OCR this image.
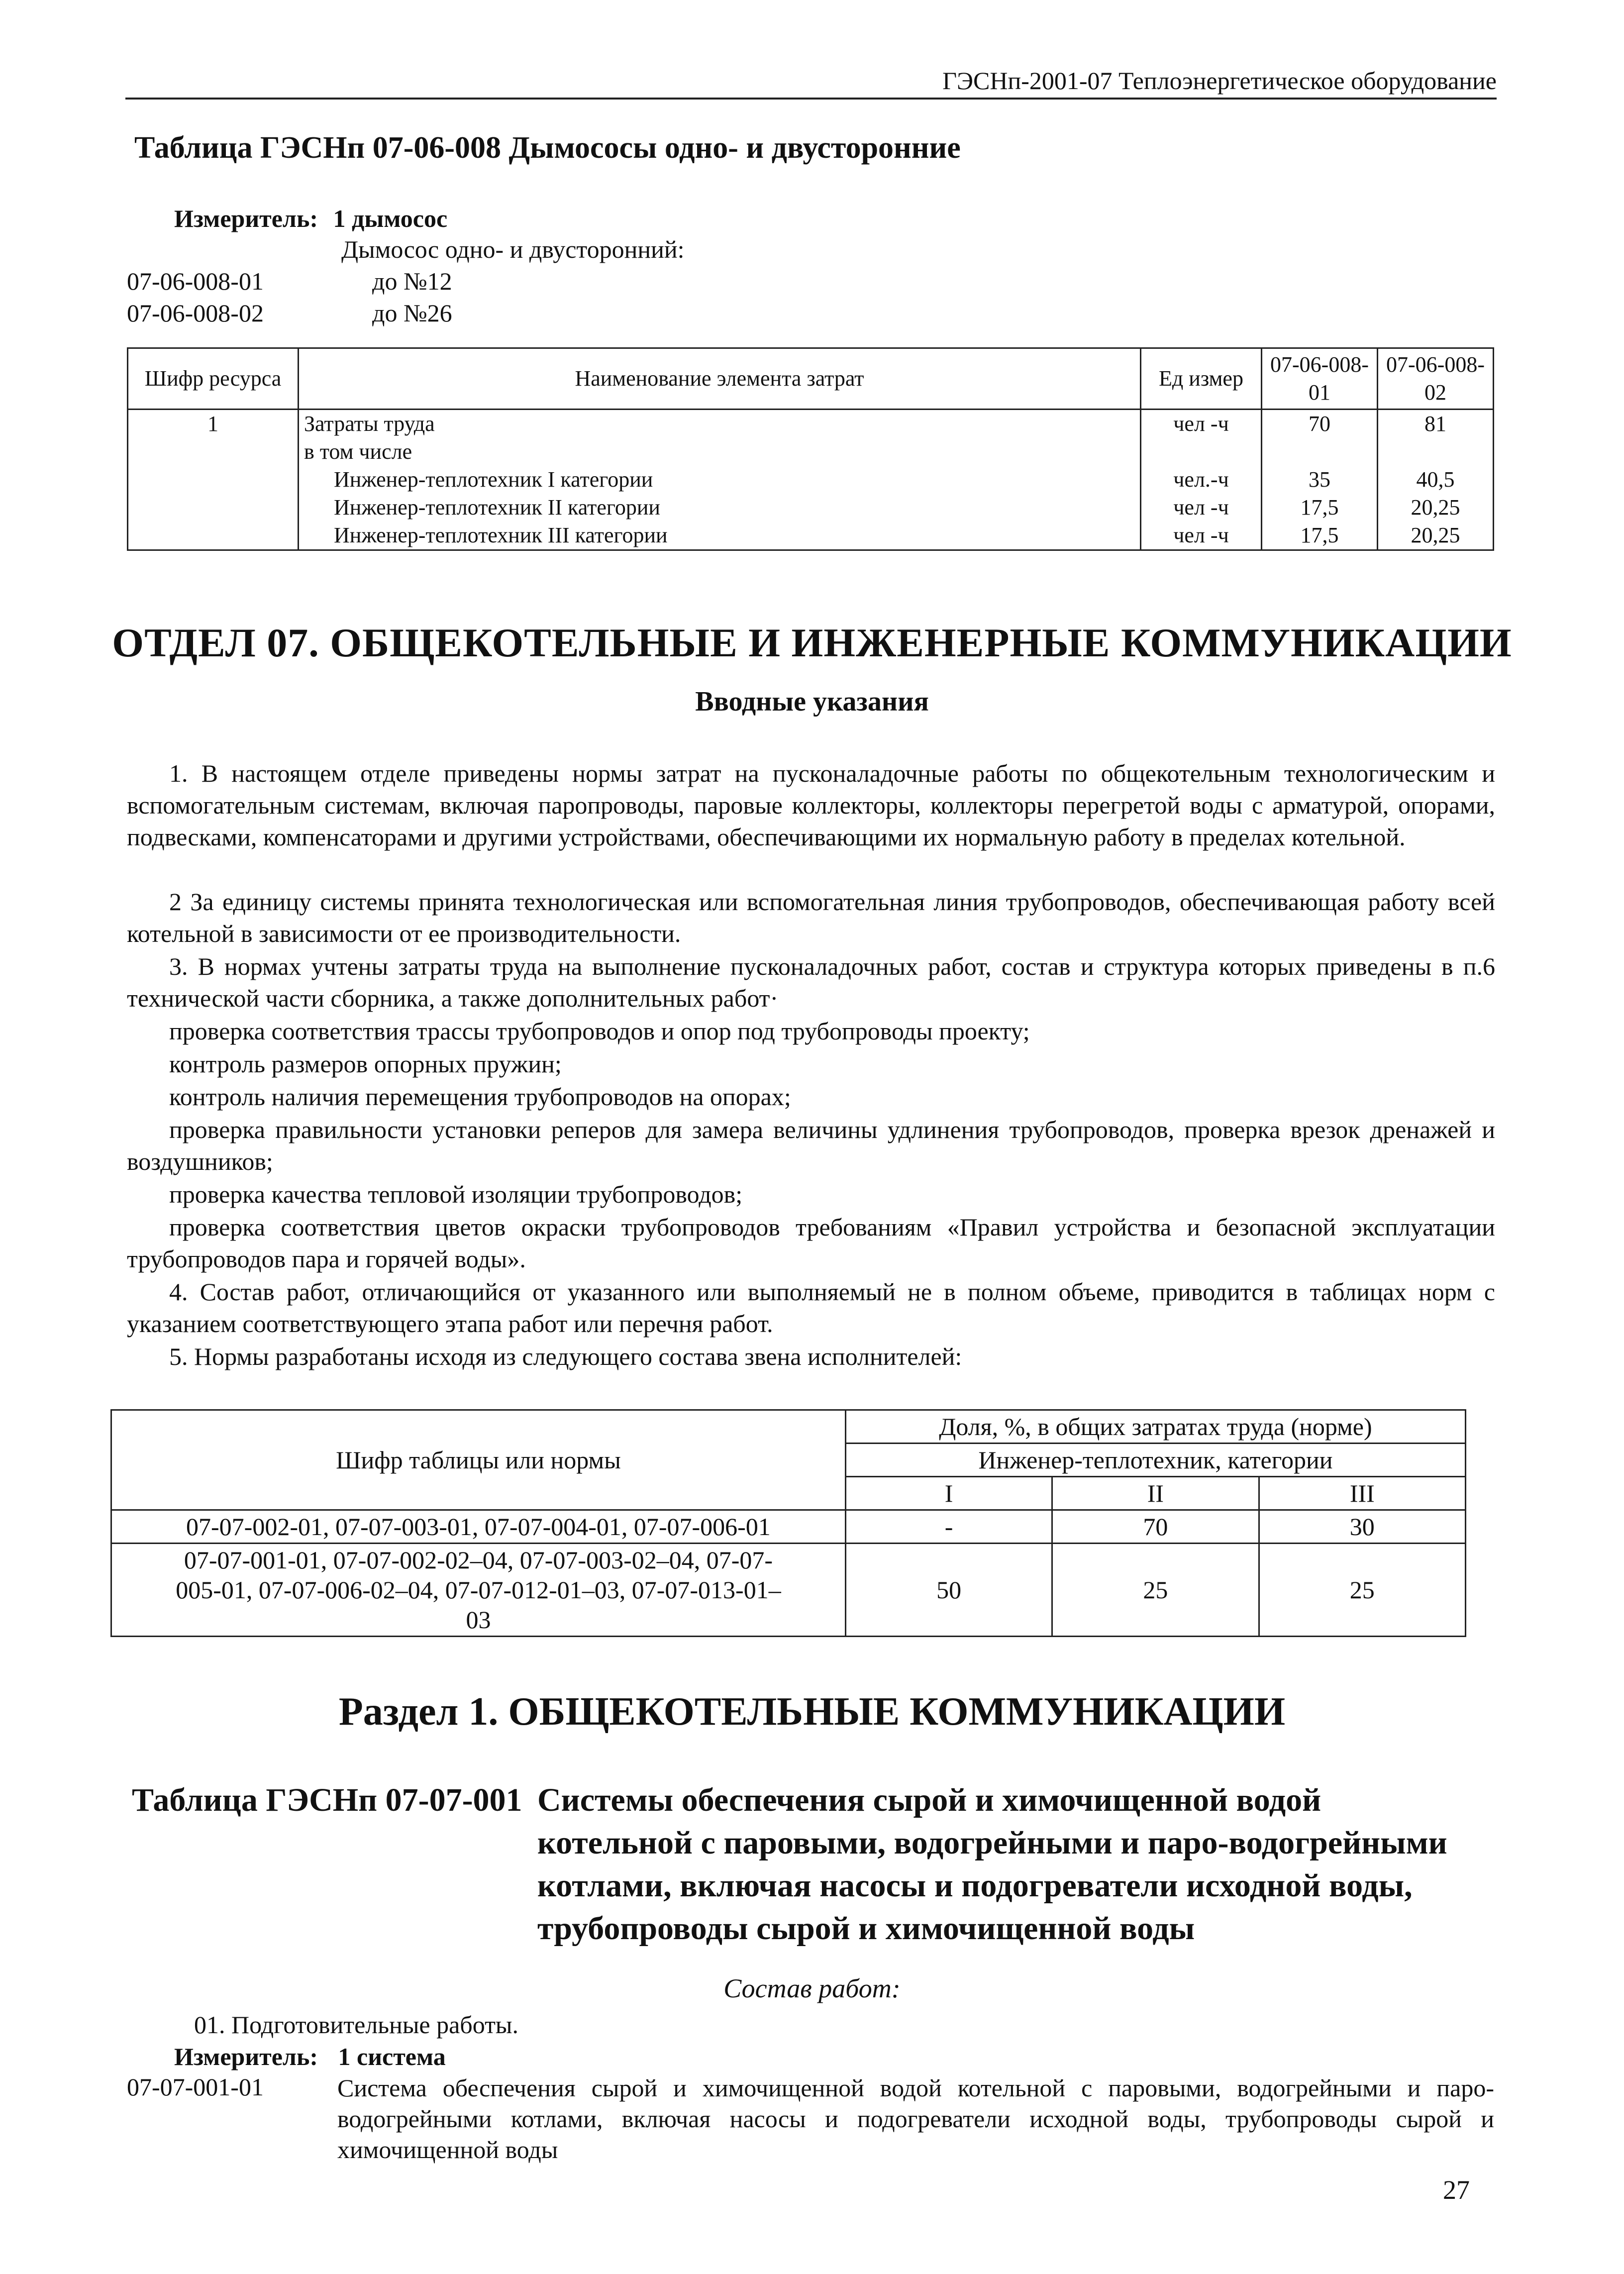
ГЭСНп-2001-07 Теплоэнергетическое оборудование
Таблица ГЭСНп 07-06-008 Дымососы одно- и двусторонние
Измеритель: 1 дымосос
Дымосос одно- и двусторонний:
07-06-008-01	до №12
07-06-008-02	до №26
Шифр ресурса	Наименование элемента затрат	Ед измер	07-06-008-01	07-06-008-02
1	Затраты труда	чел -ч	70	81
	в том числе			
	Инженер-теплотехник I категории	чел.-ч	35	40,5
	Инженер-теплотехник II категории	чел -ч	17,5	20,25
	Инженер-теплотехник III категории	чел -ч	17,5	20,25
ОТДЕЛ 07. ОБЩЕКОТЕЛЬНЫЕ И ИНЖЕНЕРНЫЕ КОММУНИКАЦИИ
Вводные указания
1. В настоящем отделе приведены нормы затрат на пусконаладочные работы по общекотельным технологическим и вспомогательным системам, включая паропроводы, паровые коллекторы, коллекторы перегретой воды с арматурой, опорами, подвесками, компенсаторами и другими устройствами, обеспечивающими их нормальную работу в пределах котельной.
2 За единицу системы принята технологическая или вспомогательная линия трубопроводов, обеспечивающая работу всей котельной в зависимости от ее производительности.
3. В нормах учтены затраты труда на выполнение пусконаладочных работ, состав и структура которых приведены в п.6 технической части сборника, а также дополнительных работ·
проверка соответствия трассы трубопроводов и опор под трубопроводы проекту;
контроль размеров опорных пружин;
контроль наличия перемещения трубопроводов на опорах;
проверка правильности установки реперов для замера величины удлинения трубопроводов, проверка врезок дренажей и воздушников;
проверка качества тепловой изоляции трубопроводов;
проверка соответствия цветов окраски трубопроводов требованиям «Правил устройства и безопасной эксплуатации трубопроводов пара и горячей воды».
4. Состав работ, отличающийся от указанного или выполняемый не в полном объеме, приводится в таблицах норм с указанием соответствующего этапа работ или перечня работ.
5. Нормы разработаны исходя из следующего состава звена исполнителей:
Шифр таблицы или нормы	Доля, %, в общих затратах труда (норме)		
	Инженер-теплотехник, категории		
	I	II	III
07-07-002-01, 07-07-003-01, 07-07-004-01, 07-07-006-01	-	70	30
07-07-001-01, 07-07-002-02–04, 07-07-003-02–04, 07-07-005-01, 07-07-006-02–04, 07-07-012-01–03, 07-07-013-01–03	50	25	25
Раздел 1. ОБЩЕКОТЕЛЬНЫЕ КОММУНИКАЦИИ
Таблица ГЭСНп 07-07-001 Системы обеспечения сырой и химочищенной водой котельной с паровыми, водогрейными и паро-водогрейными котлами, включая насосы и подогреватели исходной воды, трубопроводы сырой и химочищенной воды
Состав работ:
01. Подготовительные работы.
Измеритель: 1 система
07-07-001-01	Система обеспечения сырой и химочищенной водой котельной с паровыми, водогрейными и паро-водогрейными котлами, включая насосы и подогреватели исходной воды, трубопроводы сырой и химочищенной воды
27
